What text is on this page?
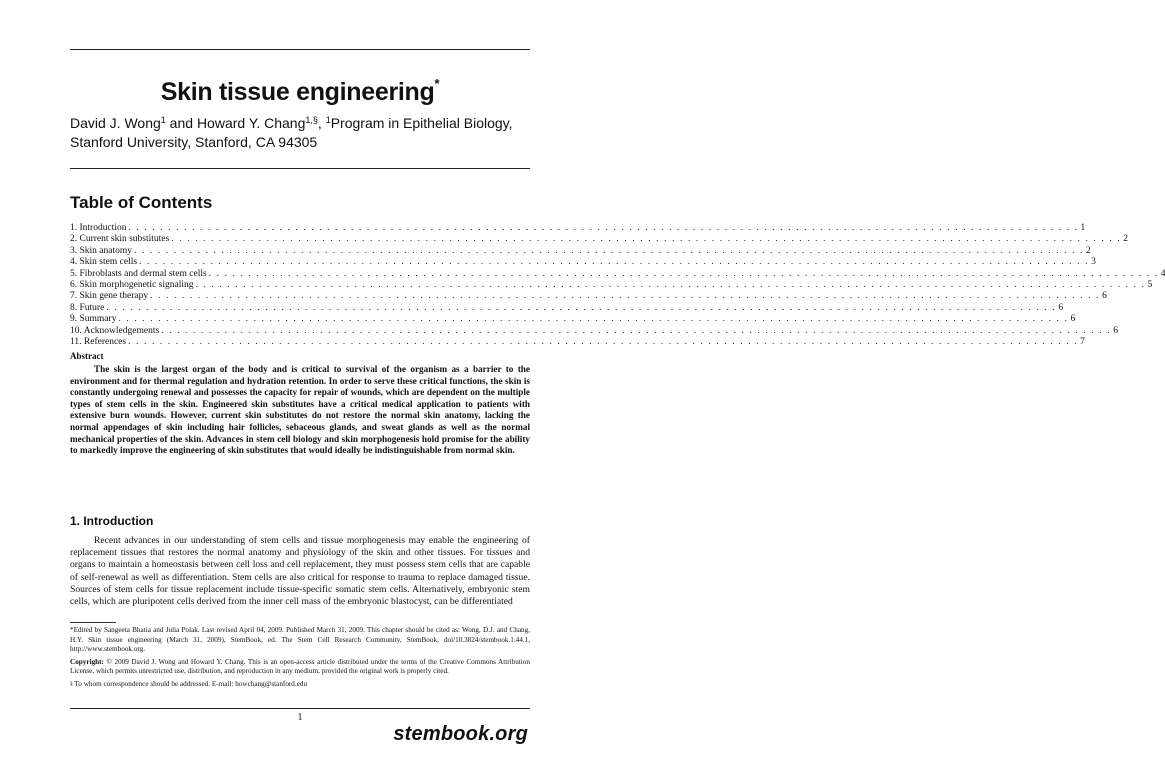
Skin tissue engineering*
David J. Wong$^1$ and Howard Y. Chang$^{1,\S}$, $^1$Program in Epithelial Biology,
Stanford University, Stanford, CA 94305
Table of Contents
1. Introduction . . . . . . . . . . . . . . . . . . . . . . . . . . . . . . . . . . . . . . . . . . . . . . . . . . . . . . . . . . . . . . . . . . . . . . . . . . . . . . . . . . . . . . . . . . . . . . . . . . . . . . . . . . . . . . . . . . . . . . . . 1
2. Current skin substitutes . . . . . . . . . . . . . . . . . . . . . . . . . . . . . . . . . . . . . . . . . . . . . . . . . . . . . . . . . . . . . . . . . . . . . . . . . . . . . . . . . . . . . . . . . . . . . . . . . . . . . . . . . . . . . . . . . . . . . . . . 2
3. Skin anatomy . . . . . . . . . . . . . . . . . . . . . . . . . . . . . . . . . . . . . . . . . . . . . . . . . . . . . . . . . . . . . . . . . . . . . . . . . . . . . . . . . . . . . . . . . . . . . . . . . . . . . . . . . . . . . . . . . . . . . . . . 2
4. Skin stem cells . . . . . . . . . . . . . . . . . . . . . . . . . . . . . . . . . . . . . . . . . . . . . . . . . . . . . . . . . . . . . . . . . . . . . . . . . . . . . . . . . . . . . . . . . . . . . . . . . . . . . . . . . . . . . . . . . . . . . . . . 3
5. Fibroblasts and dermal stem cells . . . . . . . . . . . . . . . . . . . . . . . . . . . . . . . . . . . . . . . . . . . . . . . . . . . . . . . . . . . . . . . . . . . . . . . . . . . . . . . . . . . . . . . . . . . . . . . . . . . . . . . . . . . . . . . . . . . . . . . . 4
6. Skin morphogenetic signaling . . . . . . . . . . . . . . . . . . . . . . . . . . . . . . . . . . . . . . . . . . . . . . . . . . . . . . . . . . . . . . . . . . . . . . . . . . . . . . . . . . . . . . . . . . . . . . . . . . . . . . . . . . . . . . . . . . . . . . . . 5
7. Skin gene therapy . . . . . . . . . . . . . . . . . . . . . . . . . . . . . . . . . . . . . . . . . . . . . . . . . . . . . . . . . . . . . . . . . . . . . . . . . . . . . . . . . . . . . . . . . . . . . . . . . . . . . . . . . . . . . . . . . . . . . . . . 6
8. Future . . . . . . . . . . . . . . . . . . . . . . . . . . . . . . . . . . . . . . . . . . . . . . . . . . . . . . . . . . . . . . . . . . . . . . . . . . . . . . . . . . . . . . . . . . . . . . . . . . . . . . . . . . . . . . . . . . . . . . . . 6
9. Summary . . . . . . . . . . . . . . . . . . . . . . . . . . . . . . . . . . . . . . . . . . . . . . . . . . . . . . . . . . . . . . . . . . . . . . . . . . . . . . . . . . . . . . . . . . . . . . . . . . . . . . . . . . . . . . . . . . . . . . . . 6
10. Acknowledgements . . . . . . . . . . . . . . . . . . . . . . . . . . . . . . . . . . . . . . . . . . . . . . . . . . . . . . . . . . . . . . . . . . . . . . . . . . . . . . . . . . . . . . . . . . . . . . . . . . . . . . . . . . . . . . . . . . . . . . . . 6
11. References . . . . . . . . . . . . . . . . . . . . . . . . . . . . . . . . . . . . . . . . . . . . . . . . . . . . . . . . . . . . . . . . . . . . . . . . . . . . . . . . . . . . . . . . . . . . . . . . . . . . . . . . . . . . . . . . . . . . . . . . 7
Abstract
The skin is the largest organ of the body and is critical to survival of the organism as a barrier to the environment and for thermal regulation and hydration retention. In order to serve these critical functions, the skin is constantly undergoing renewal and possesses the capacity for repair of wounds, which are dependent on the multiple types of stem cells in the skin. Engineered skin substitutes have a critical medical application to patients with extensive burn wounds. However, current skin substitutes do not restore the normal skin anatomy, lacking the normal appendages of skin including hair follicles, sebaceous glands, and sweat glands as well as the normal mechanical properties of the skin. Advances in stem cell biology and skin morphogenesis hold promise for the ability to markedly improve the engineering of skin substitutes that would ideally be indistinguishable from normal skin.
1. Introduction
Recent advances in our understanding of stem cells and tissue morphogenesis may enable the engineering of replacement tissues that restores the normal anatomy and physiology of the skin and other tissues. For tissues and organs to maintain a homeostasis between cell loss and cell replacement, they must possess stem cells that are capable of self-renewal as well as differentiation. Stem cells are also critical for response to trauma to replace damaged tissue. Sources of stem cells for tissue replacement include tissue-specific somatic stem cells. Alternatively, embryonic stem cells, which are pluripotent cells derived from the inner cell mass of the embryonic blastocyst, can be differentiated

*Edited by Sangeeta Bhatia and Julia Polak. Last revised April 04, 2009. Published March 31, 2009. This chapter should be cited as: Wong, D.J. and Chang, H.Y. Skin tissue engineering (March 31, 2009), StemBook, ed. The Stem Cell Research Community, StemBook, doi/10.3824/stembook.1.44.1, http://www.stembook.org.

Copyright: © 2009 David J. Wong and Howard Y. Chang. This is an open-access article distributed under the terms of the Creative Commons Attribution License, which permits unrestricted use, distribution, and reproduction in any medium, provided the original work is properly cited.

§ To whom correspondence should be addressed. E-mail: howchang@stanford.edu

1
stembook.org
